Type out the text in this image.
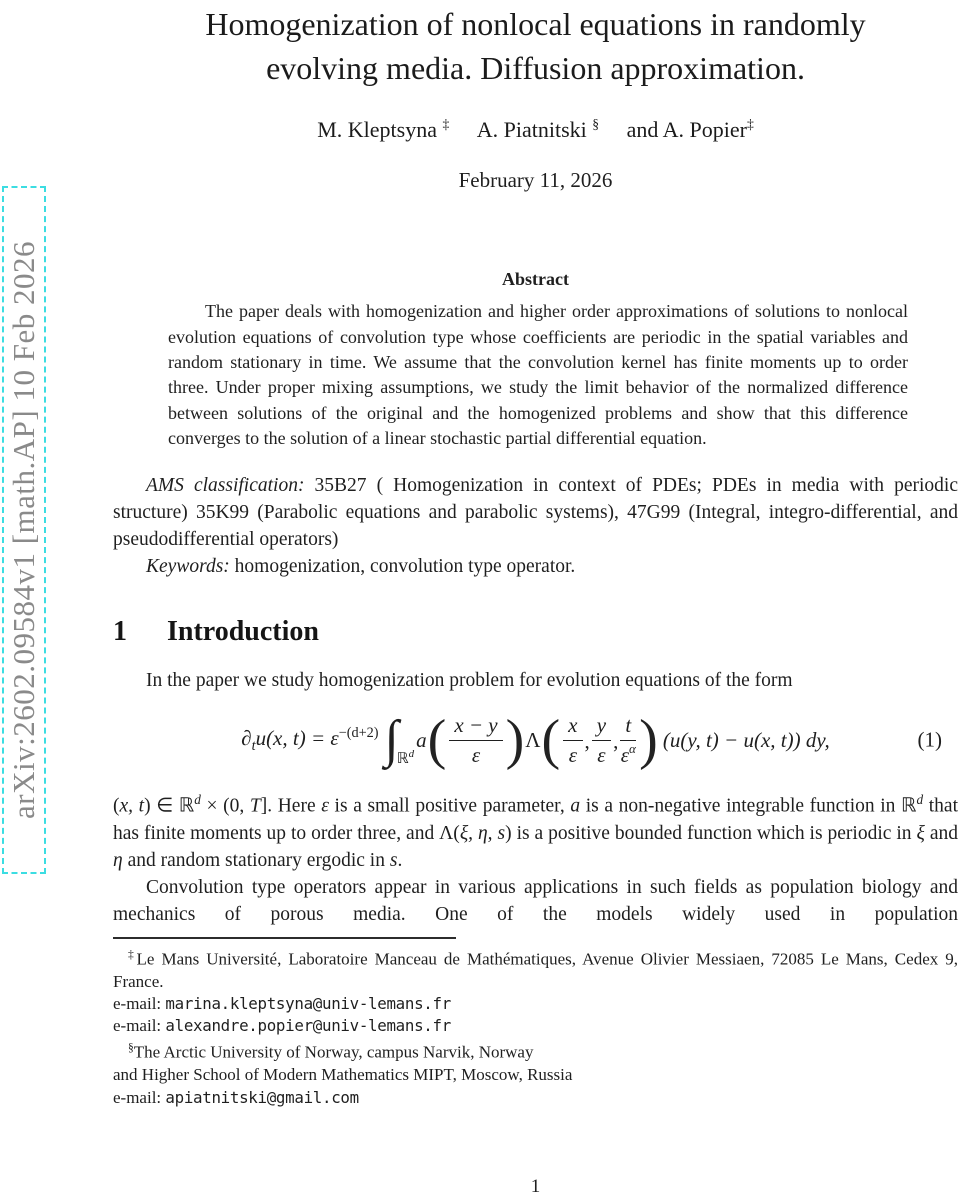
arXiv:2602.09584v1 [math.AP] 10 Feb 2026
Homogenization of nonlocal equations in randomly
evolving media. Diffusion approximation.
M. Kleptsyna ‡ A. Piatnitski § and A. Popier‡
February 11, 2026
Abstract
The paper deals with homogenization and higher order approximations of solutions to nonlocal evolution equations of convolution type whose coefficients are periodic in the spatial variables and random stationary in time. We assume that the convolution kernel has finite moments up to order three. Under proper mixing assumptions, we study the limit behavior of the normalized difference between solutions of the original and the homogenized problems and show that this difference converges to the solution of a linear stochastic partial differential equation.

AMS classification: 35B27 ( Homogenization in context of PDEs; PDEs in media with periodic structure) 35K99 (Parabolic equations and parabolic systems), 47G99 (Integral, integro-differential, and pseudodifferential operators)

Keywords: homogenization, convolution type operator.

1 Introduction

In the paper we study homogenization problem for evolution equations of the form

$\partial_tu(x$, $t) = \varepsilon^{-(d+2)}$ ∫
ℝ$^d$
a ( $\frac{x - y}{\varepsilon}$ ) Λ ( $\frac{x}{\varepsilon}$ , $\frac{y}{\varepsilon}$ , $\frac{t}{\text{ε α}}$ ) (u(y, t) − u(x, t)) dy,	(1)

(x, t) ∈ ℝ$^d$ × (0, T]. Here ε is a small positive parameter, a is a non-negative integrable function in ℝ$^d$ that has finite moments up to order three, and Λ(ξ, η, s) is a positive bounded function which is periodic in ξ and η and random stationary ergodic in s.

Convolution type operators appear in various applications in such fields as population biology and mechanics of porous media. One of the models widely used in population

‡Le Mans Université, Laboratoire Manceau de Mathématiques, Avenue Olivier Messiaen, 72085 Le Mans, Cedex 9, France.

e-mail: marina.kleptsyna@univ-lemans.fr

e-mail: alexandre.popier@univ-lemans.fr

§The Arctic University of Norway, campus Narvik, Norway

and Higher School of Modern Mathematics MIPT, Moscow, Russia

e-mail: apiatnitski@gmail.com

1
